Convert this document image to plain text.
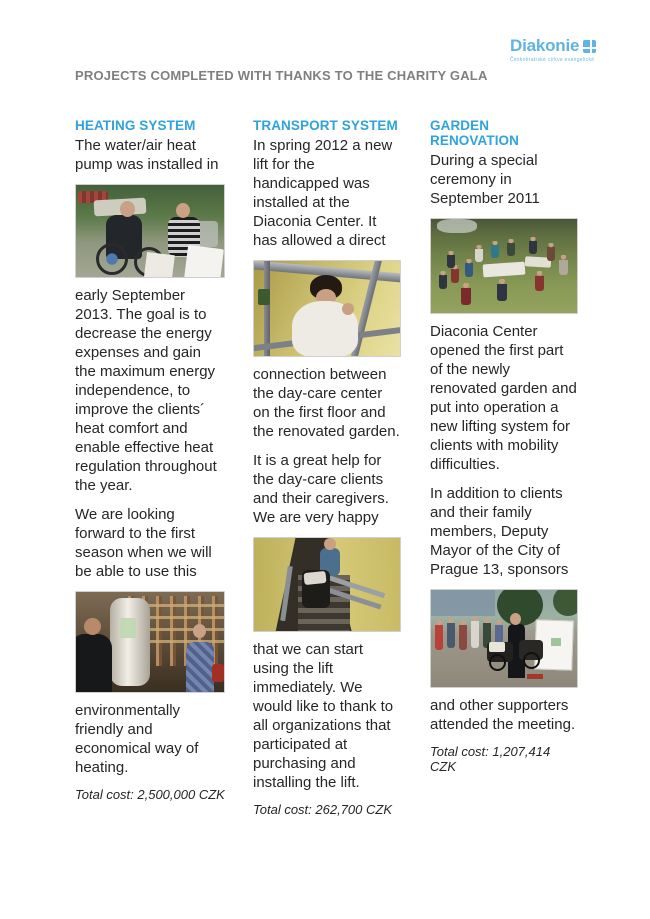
PROJECTS COMPLETED WITH THANKS TO THE CHARITY GALA
Diakonie
Českobratrské církve evangelické
HEATING SYSTEM

The water/air heat pump was installed in

early September 2013. The goal is to decrease the energy expenses and gain the maximum energy independence, to improve the clients´ heat comfort and enable effective heat regulation throughout the year.

We are looking forward to the first season when we will be able to use this

environmentally friendly and economical way of heating.

Total cost: 2,500,000 CZK

TRANSPORT SYSTEM

In spring 2012 a new lift for the handicapped was installed at the Diaconia Center. It has allowed a direct

connection between the day-care center on the first floor and the renovated garden.

It is a great help for the day-care clients and their caregivers. We are very happy

that we can start using the lift immediately. We would like to thank to all organizations that participated at purchasing and installing the lift.

Total cost: 262,700 CZK

GARDEN RENOVATION

During a special ceremony in September 2011

Diaconia Center opened the first part of the newly renovated garden and put into operation a new lifting system for clients with mobility difficulties.

In addition to clients and their family members, Deputy Mayor of the City of Prague 13, sponsors

and other supporters attended the meeting.

Total cost: 1,207,414 CZK
